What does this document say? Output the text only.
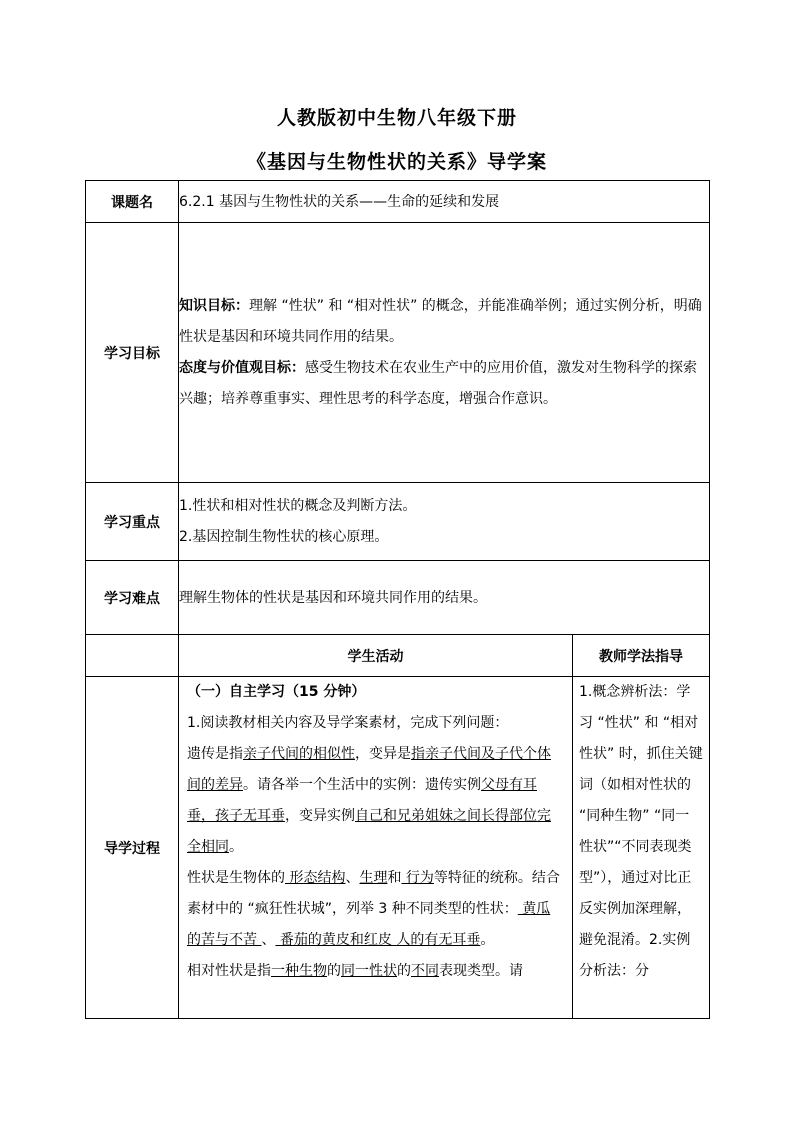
人教版初中生物八年级下册
《基因与生物性状的关系》导学案
课题名	6.2.1 基因与生物性状的关系——生命的延续和发展	
学习目标	知识目标：理解 “性状” 和 “相对性状” 的概念，并能准确举例；通过实例分析，明确性状是基因和环境共同作用的结果。

态度与价值观目标：感受生物技术在农业生产中的应用价值，激发对生物科学的探索兴趣；培养尊重事实、理性思考的科学态度，增强合作意识。	

学习重点	1.性状和相对性状的概念及判断方法。

2.基因控制生物性状的核心原理。	

学习难点	理解生物体的性状是基因和环境共同作用的结果。	
	学生活动	教师学法指导
导学过程	（一）自主学习（15 分钟）

1.阅读教材相关内容及导学案素材，完成下列问题：

遗传是指亲子代间的相似性，变异是指亲子代间及子代个体间的差异。请各举一个生活中的实例：遗传实例父母有耳垂，孩子无耳垂，变异实例自己和兄弟姐妹之间长得部位完全相同。

性状是生物体的 形态结构、生理和 行为等特征的统称。结合素材中的 “疯狂性状城”，列举 3 种不同类型的性状： 黄瓜的苦与不苦 、 番茄的黄皮和红皮 人的有无耳垂。

相对性状是指一种生物的同一性状的不同表现类型。请	1.概念辨析法：学习 “性状” 和 “相对性状” 时，抓住关键词（如相对性状的 “同种生物” “同一性状”“不同表现类型”），通过对比正反实例加深理解，避免混淆。2.实例分析法：分
